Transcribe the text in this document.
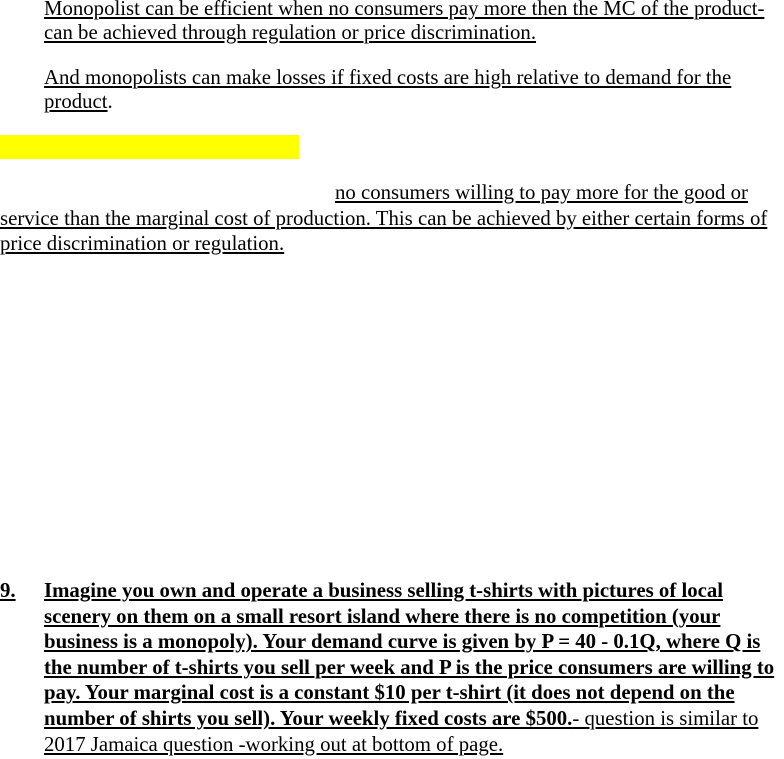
Monopolist can be efficient when no consumers pay more then the MC of the product-
can be achieved through regulation or price discrimination.
And monopolists can make losses if fixed costs are high relative to demand for the
product.
no consumers willing to pay more for the good or
service than the marginal cost of production. This can be achieved by either certain forms of
price discrimination or regulation.
9. Imagine you own and operate a business selling t-shirts with pictures of local
scenery on them on a small resort island where there is no competition (your
business is a monopoly). Your demand curve is given by P = 40 - 0.1Q, where Q is
the number of t-shirts you sell per week and P is the price consumers are willing to
pay. Your marginal cost is a constant $10 per t-shirt (it does not depend on the
number of shirts you sell). Your weekly fixed costs are $500.- question is similar to
2017 Jamaica question -working out at bottom of page.
